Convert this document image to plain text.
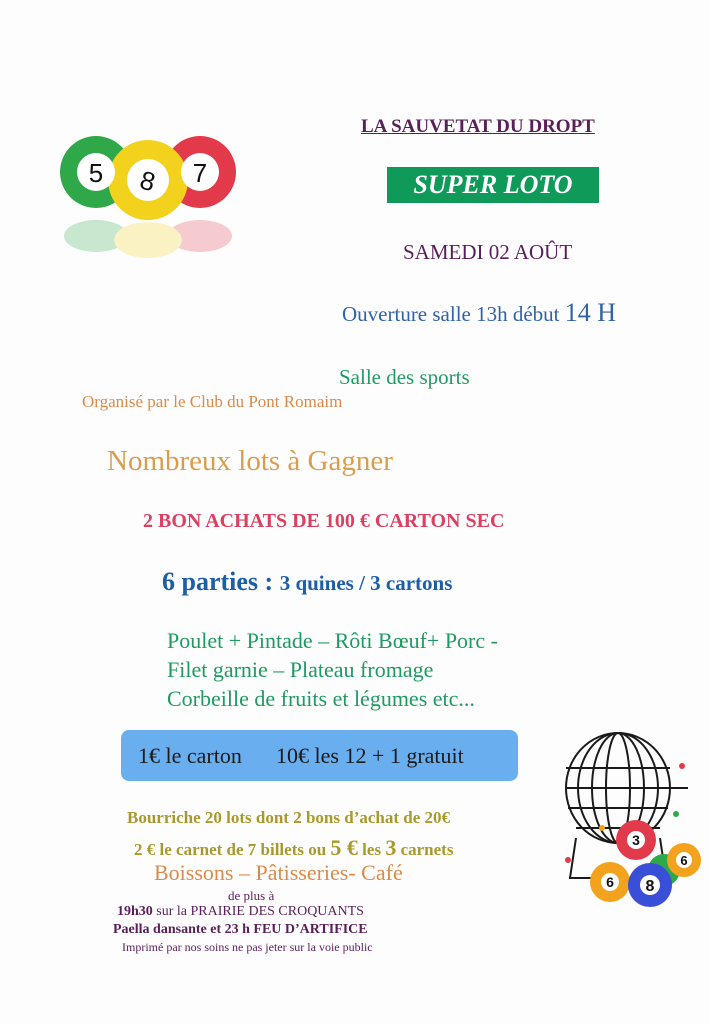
5 8 7
LA SAUVETAT DU DROPT
SUPER LOTO
SAMEDI 02 AOÛT
Ouverture salle 13h début 14 H
Salle des sports
Organisé par le Club du Pont Romaim
Nombreux lots à Gagner
2 BON ACHATS DE 100 € CARTON SEC
6 parties : 3 quines / 3 cartons
Poulet + Pintade – Rôti Bœuf+ Porc -
Filet garnie – Plateau fromage
Corbeille de fruits et légumes etc...
1€ le carton 10€ les 12 + 1 gratuit
3
6
6 8
Bourriche 20 lots dont 2 bons d’achat de 20€
2 € le carnet de 7 billets ou 5 € les 3 carnets
Boissons – Pâtisseries- Café
de plus à
19h30 sur la PRAIRIE DES CROQUANTS
Paella dansante et 23 h FEU D’ARTIFICE
Imprimé par nos soins ne pas jeter sur la voie public
